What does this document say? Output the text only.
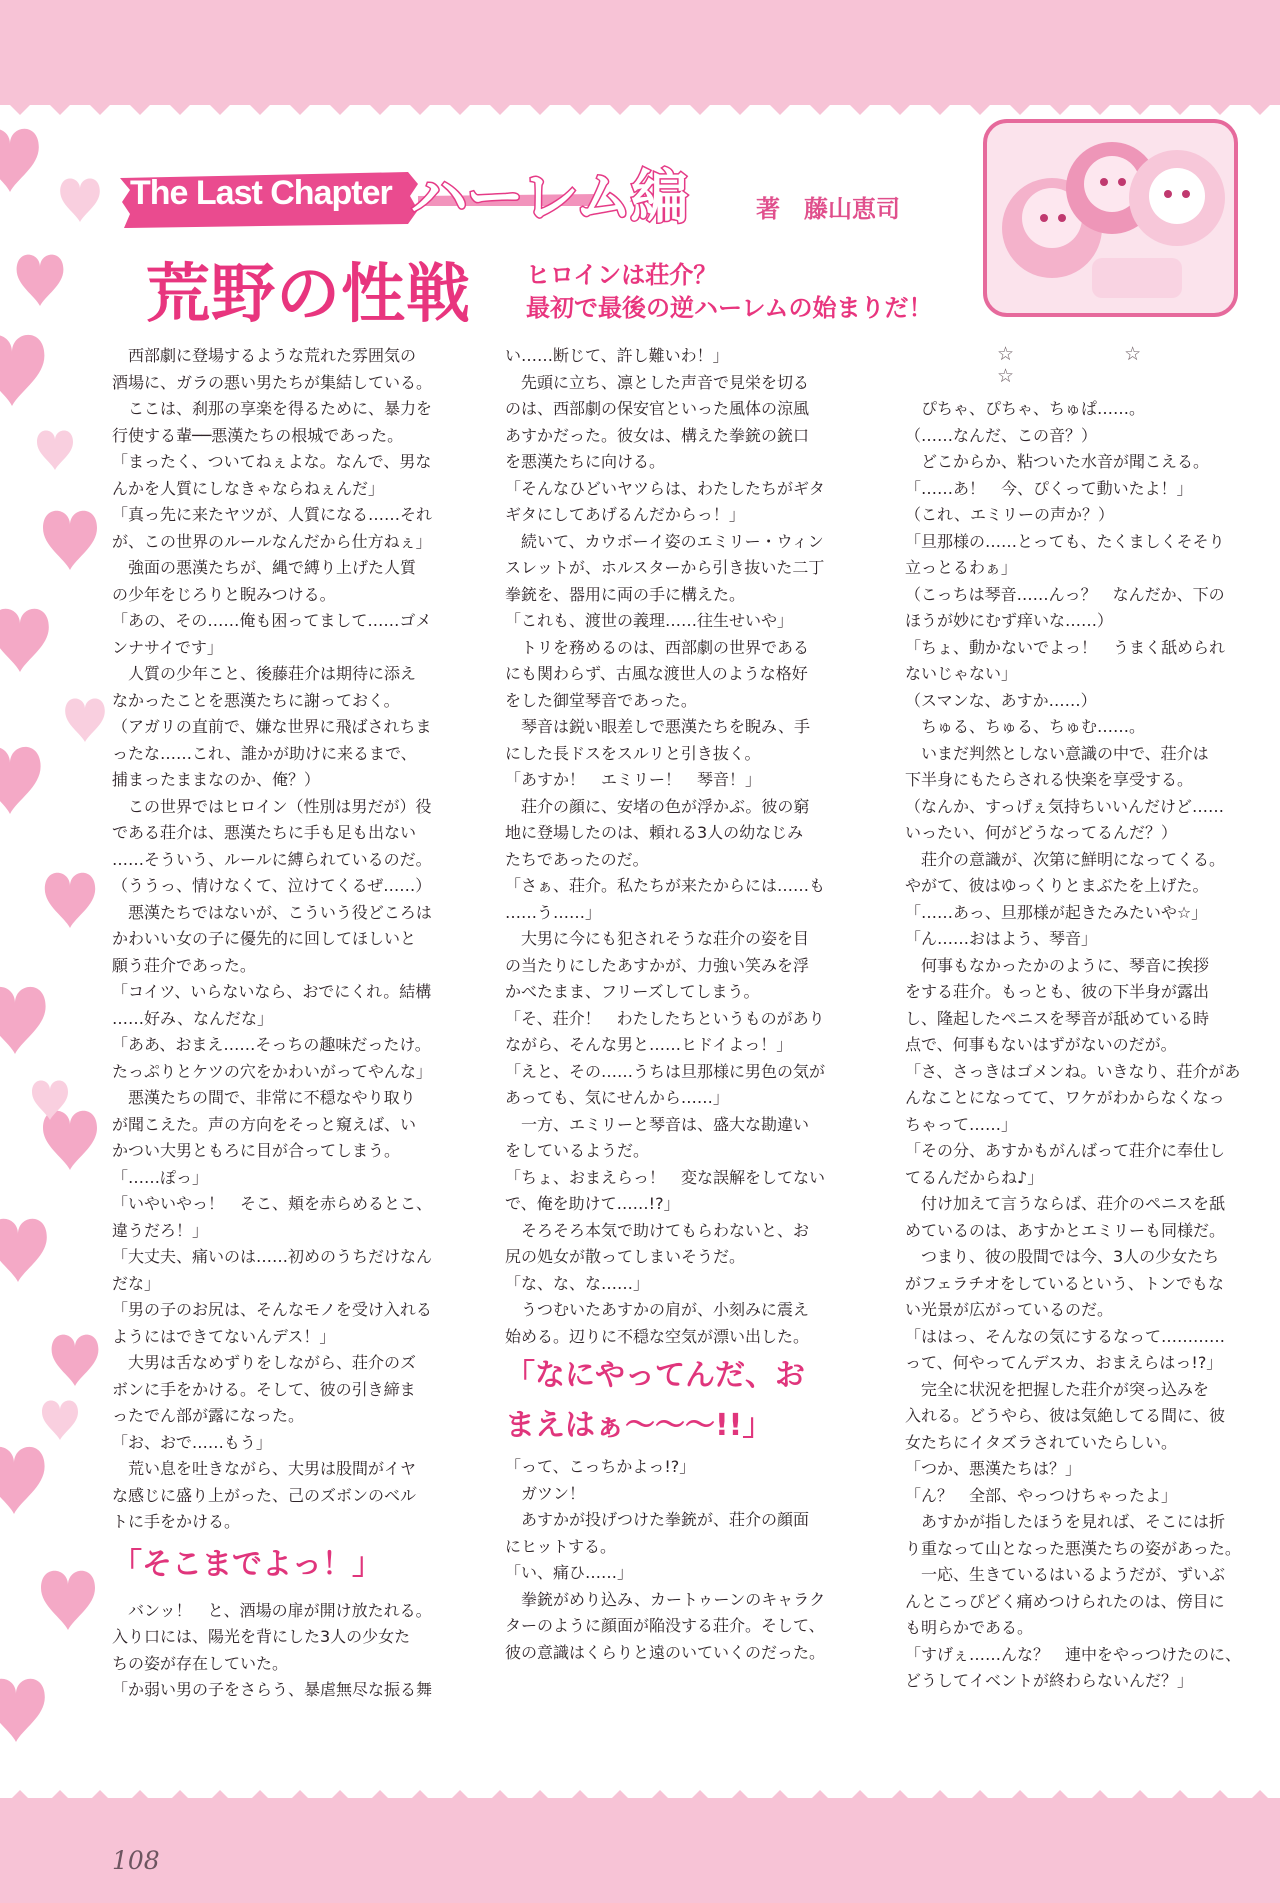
The Last Chapter ハーレム編	著　藤山恵司
荒野の性戦 ヒロインは荘介？
最初で最後の逆ハーレムの始まりだ！
☆ ☆ ☆

　西部劇に登場するような荒れた雰囲気の

酒場に、ガラの悪い男たちが集結している。

　ここは、刹那の享楽を得るために、暴力を

行使する輩──悪漢たちの根城であった。

「まったく、ついてねぇよな。なんで、男な

んかを人質にしなきゃならねぇんだ」

「真っ先に来たヤツが、人質になる……それ

が、この世界のルールなんだから仕方ねぇ」

　強面の悪漢たちが、縄で縛り上げた人質

の少年をじろりと睨みつける。

「あの、その……俺も困ってまして……ゴメ

ンナサイです」

　人質の少年こと、後藤荘介は期待に添え

なかったことを悪漢たちに謝っておく。

（アガリの直前で、嫌な世界に飛ばされちま

ったな……これ、誰かが助けに来るまで、

捕まったままなのか、俺？）

　この世界ではヒロイン（性別は男だが）役

である荘介は、悪漢たちに手も足も出ない

……そういう、ルールに縛られているのだ。

（ううっ、情けなくて、泣けてくるぜ……）

　悪漢たちではないが、こういう役どころは

かわいい女の子に優先的に回してほしいと

願う荘介であった。

「コイツ、いらないなら、おでにくれ。結構

……好み、なんだな」

「ああ、おまえ……そっちの趣味だったけ。

たっぷりとケツの穴をかわいがってやんな」

　悪漢たちの間で、非常に不穏なやり取り

が聞こえた。声の方向をそっと窺えば、い

かつい大男ともろに目が合ってしまう。

「……ぽっ」

「いやいやっ！　そこ、頬を赤らめるとこ、

違うだろ！」

「大丈夫、痛いのは……初めのうちだけなん

だな」

「男の子のお尻は、そんなモノを受け入れる

ようにはできてないんデス！」

　大男は舌なめずりをしながら、荘介のズ

ボンに手をかける。そして、彼の引き締ま

ったでん部が露になった。

「お、おで……もう」

　荒い息を吐きながら、大男は股間がイヤ

な感じに盛り上がった、己のズボンのベル

トに手をかける。

「そこまでよっ！」

　バンッ！　と、酒場の扉が開け放たれる。

入り口には、陽光を背にした3人の少女た

ちの姿が存在していた。

「か弱い男の子をさらう、暴虐無尽な振る舞

い……断じて、許し難いわ！」

　先頭に立ち、凛とした声音で見栄を切る

のは、西部劇の保安官といった風体の涼風

あすかだった。彼女は、構えた拳銃の銃口

を悪漢たちに向ける。

「そんなひどいヤツらは、わたしたちがギタ

ギタにしてあげるんだからっ！」

　続いて、カウボーイ姿のエミリー・ウィン

スレットが、ホルスターから引き抜いた二丁

拳銃を、器用に両の手に構えた。

「これも、渡世の義理……往生せいや」

　トリを務めるのは、西部劇の世界である

にも関わらず、古風な渡世人のような格好

をした御堂琴音であった。

　琴音は鋭い眼差しで悪漢たちを睨み、手

にした長ドスをスルリと引き抜く。

「あすか！　エミリー！　琴音！」

　荘介の顔に、安堵の色が浮かぶ。彼の窮

地に登場したのは、頼れる3人の幼なじみ

たちであったのだ。

「さぁ、荘介。私たちが来たからには……も

……う……」

　大男に今にも犯されそうな荘介の姿を目

の当たりにしたあすかが、力強い笑みを浮

かべたまま、フリーズしてしまう。

「そ、荘介！　わたしたちというものがあり

ながら、そんな男と……ヒドイよっ！」

「えと、その……うちは旦那様に男色の気が

あっても、気にせんから……」

　一方、エミリーと琴音は、盛大な勘違い

をしているようだ。

「ちょ、おまえらっ！　変な誤解をしてない

で、俺を助けて……!?」

　そろそろ本気で助けてもらわないと、お

尻の処女が散ってしまいそうだ。

「な、な、な……」

　うつむいたあすかの肩が、小刻みに震え

始める。辺りに不穏な空気が漂い出した。

「なにやってんだ、お

まえはぁ～～～!!」

「って、こっちかよっ!?」

　ガツン！

　あすかが投げつけた拳銃が、荘介の顔面

にヒットする。

「い、痛ひ……」

　拳銃がめり込み、カートゥーンのキャラク

ターのように顔面が陥没する荘介。そして、

彼の意識はくらりと遠のいていくのだった。

　ぴちゃ、ぴちゃ、ちゅぱ……。

（……なんだ、この音？）

　どこからか、粘ついた水音が聞こえる。

「……あ！　今、ぴくって動いたよ！」

（これ、エミリーの声か？）

「旦那様の……とっても、たくましくそそり

立っとるわぁ」

（こっちは琴音……んっ？　なんだか、下の

ほうが妙にむず痒いな……）

「ちょ、動かないでよっ！　うまく舐められ

ないじゃない」

（スマンな、あすか……）

　ちゅる、ちゅる、ちゅむ……。

　いまだ判然としない意識の中で、荘介は

下半身にもたらされる快楽を享受する。

（なんか、すっげぇ気持ちいいんだけど……

いったい、何がどうなってるんだ？）

　荘介の意識が、次第に鮮明になってくる。

やがて、彼はゆっくりとまぶたを上げた。

「……あっ、旦那様が起きたみたいや☆」

「ん……おはよう、琴音」

　何事もなかったかのように、琴音に挨拶

をする荘介。もっとも、彼の下半身が露出

し、隆起したペニスを琴音が舐めている時

点で、何事もないはずがないのだが。

「さ、さっきはゴメンね。いきなり、荘介があ

んなことになってて、ワケがわからなくなっ

ちゃって……」

「その分、あすかもがんばって荘介に奉仕し

てるんだからね♪」

　付け加えて言うならば、荘介のペニスを舐

めているのは、あすかとエミリーも同様だ。

　つまり、彼の股間では今、3人の少女たち

がフェラチオをしているという、トンでもな

い光景が広がっているのだ。

「ははっ、そんなの気にするなって…………

って、何やってんデスカ、おまえらはっ!?」

　完全に状況を把握した荘介が突っ込みを

入れる。どうやら、彼は気絶してる間に、彼

女たちにイタズラされていたらしい。

「つか、悪漢たちは？」

「ん？　全部、やっつけちゃったよ」

　あすかが指したほうを見れば、そこには折

り重なって山となった悪漢たちの姿があった。

　一応、生きているはいるようだが、ずいぶ

んとこっぴどく痛めつけられたのは、傍目に

も明らかである。

「すげぇ……んな？　連中をやっつけたのに、

どうしてイベントが終わらないんだ？」

108
